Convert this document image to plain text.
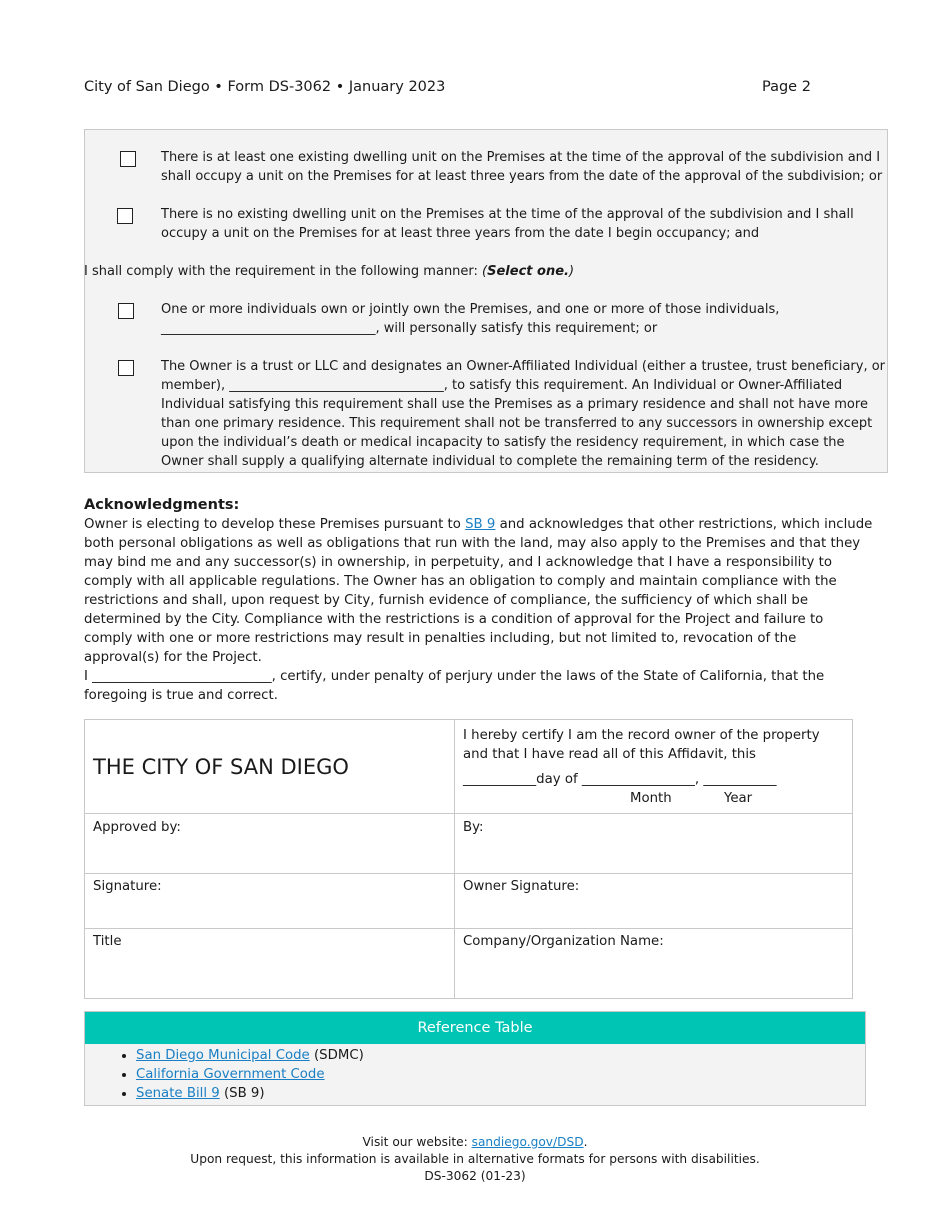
City of San Diego • Form DS-3062 • January 2023	Page 2
There is at least one existing dwelling unit on the Premises at the time of the approval of the subdivision and I shall occupy a unit on the Premises for at least three years from the date of the approval of the subdivision; or
There is no existing dwelling unit on the Premises at the time of the approval of the subdivision and I shall occupy a unit on the Premises for at least three years from the date I begin occupancy; and
I shall comply with the requirement in the following manner: (Select one.)
One or more individuals own or jointly own the Premises, and one or more of those individuals, _________________________________, will personally satisfy this requirement; or
The Owner is a trust or LLC and designates an Owner-Affiliated Individual (either a trustee, trust beneficiary, or member), _________________________________, to satisfy this requirement. An Individual or Owner-Affiliated Individual satisfying this requirement shall use the Premises as a primary residence and shall not have more than one primary residence. This requirement shall not be transferred to any successors in ownership except upon the individual’s death or medical incapacity to satisfy the residency requirement, in which case the Owner shall supply a qualifying alternate individual to complete the remaining term of the residency.
Acknowledgments:
Owner is electing to develop these Premises pursuant to SB 9 and acknowledges that other restrictions, which include both personal obligations as well as obligations that run with the land, may also apply to the Premises and that they may bind me and any successor(s) in ownership, in perpetuity, and I acknowledge that I have a responsibility to comply with all applicable regulations. The Owner has an obligation to comply and maintain compliance with the restrictions and shall, upon request by City, furnish evidence of compliance, the sufficiency of which shall be determined by the City. Compliance with the restrictions is a condition of approval for the Project and failure to comply with one or more restrictions may result in penalties including, but not limited to, revocation of the approval(s) for the Project.
I ___________________________, certify, under penalty of perjury under the laws of the State of California, that the foregoing is true and correct.
THE CITY OF SAN DIEGO	I hereby certify I am the record owner of the property and that I have read all of this Affidavit, this
___________day of _________________, ___________
Month Year

Approved by:	By:
Signature:	Owner Signature:
Title	Company/Organization Name:
Reference Table
• San Diego Municipal Code (SDMC)
• California Government Code
• Senate Bill 9 (SB 9)
Visit our website: sandiego.gov/DSD.
Upon request, this information is available in alternative formats for persons with disabilities.
DS-3062 (01-23)
